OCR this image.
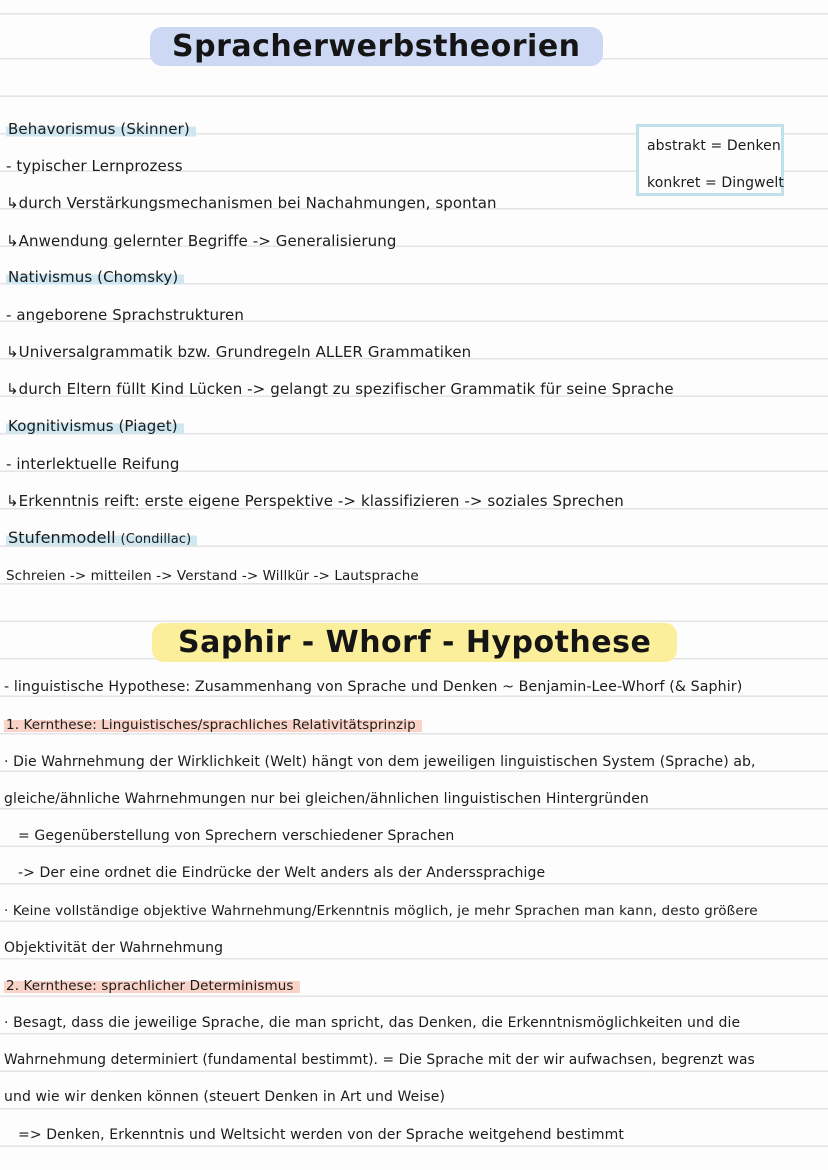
Spracherwerbstheorien

abstrakt = Denken

konkret = Dingwelt

Behavorismus (Skinner)

- typischer Lernprozess

↳durch Verstärkungsmechanismen bei Nachahmungen, spontan

↳Anwendung gelernter Begriffe -> Generalisierung

Nativismus (Chomsky)

- angeborene Sprachstrukturen

↳Universalgrammatik bzw. Grundregeln ALLER Grammatiken

↳durch Eltern füllt Kind Lücken -> gelangt zu spezifischer Grammatik für seine Sprache

Kognitivismus (Piaget)

- interlektuelle Reifung

↳Erkenntnis reift: erste eigene Perspektive -> klassifizieren -> soziales Sprechen

Stufenmodell (Condillac)

Schreien -> mitteilen -> Verstand -> Willkür -> Lautsprache

Saphir - Whorf - Hypothese

- linguistische Hypothese: Zusammenhang von Sprache und Denken ~ Benjamin-Lee-Whorf (& Saphir)

1. Kernthese: Linguistisches/sprachliches Relativitätsprinzip

· Die Wahrnehmung der Wirklichkeit (Welt) hängt von dem jeweiligen linguistischen System (Sprache) ab,

gleiche/ähnliche Wahrnehmungen nur bei gleichen/ähnlichen linguistischen Hintergründen

= Gegenüberstellung von Sprechern verschiedener Sprachen

-> Der eine ordnet die Eindrücke der Welt anders als der Anderssprachige

· Keine vollständige objektive Wahrnehmung/Erkenntnis möglich, je mehr Sprachen man kann, desto größere

Objektivität der Wahrnehmung

2. Kernthese: sprachlicher Determinismus

· Besagt, dass die jeweilige Sprache, die man spricht, das Denken, die Erkenntnismöglichkeiten und die

Wahrnehmung determiniert (fundamental bestimmt). = Die Sprache mit der wir aufwachsen, begrenzt was

und wie wir denken können (steuert Denken in Art und Weise)

=> Denken, Erkenntnis und Weltsicht werden von der Sprache weitgehend bestimmt
